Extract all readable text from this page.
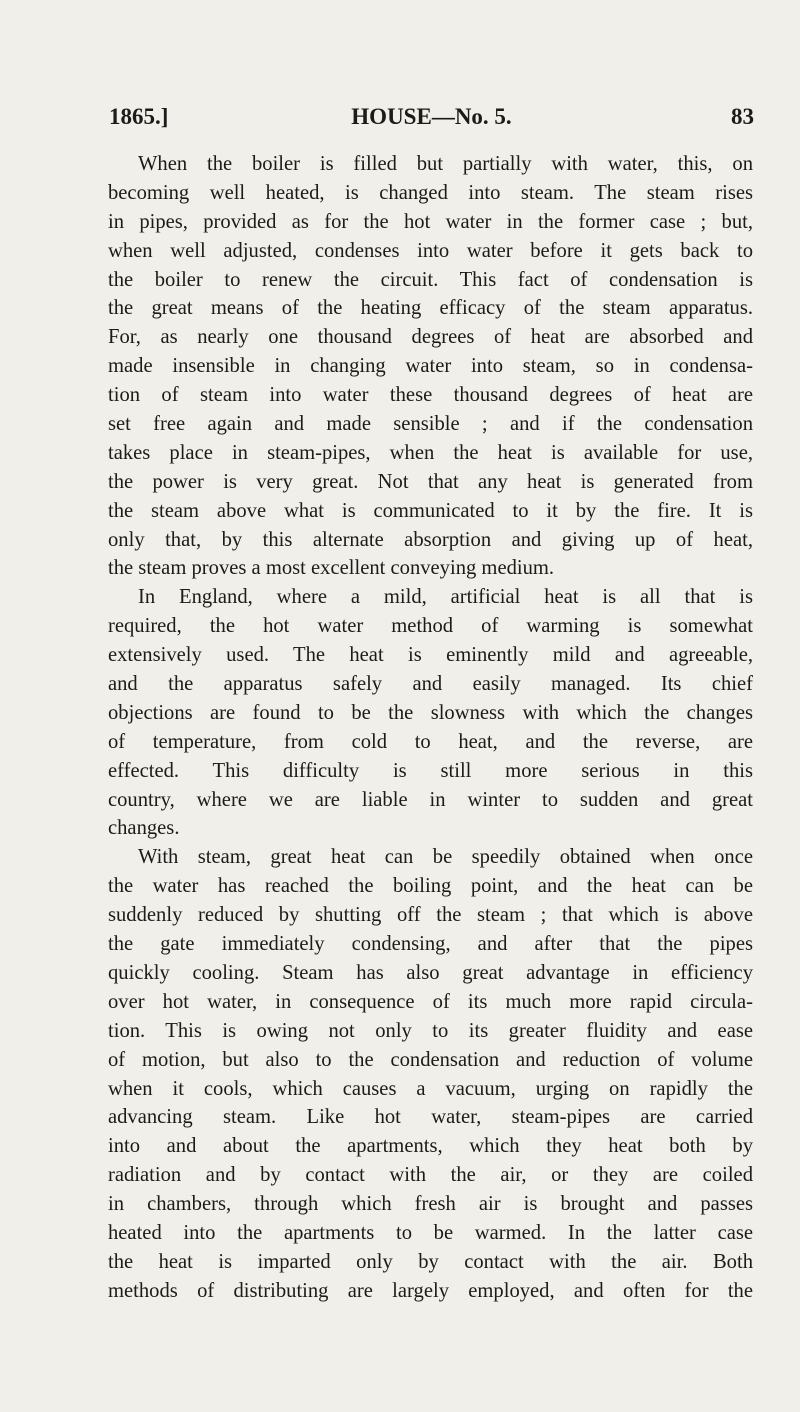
1865.]	HOUSE—No. 5.	83
When the boiler is filled but partially with water, this, on
becoming well heated, is changed into steam. The steam rises
in pipes, provided as for the hot water in the former case ; but,
when well adjusted, condenses into water before it gets back to
the boiler to renew the circuit. This fact of condensation is
the great means of the heating efficacy of the steam apparatus.
For, as nearly one thousand degrees of heat are absorbed and
made insensible in changing water into steam, so in condensa-
tion of steam into water these thousand degrees of heat are
set free again and made sensible ; and if the condensation
takes place in steam-pipes, when the heat is available for use,
the power is very great. Not that any heat is generated from
the steam above what is communicated to it by the fire. It is
only that, by this alternate absorption and giving up of heat,
the steam proves a most excellent conveying medium.
In England, where a mild, artificial heat is all that is
required, the hot water method of warming is somewhat
extensively used. The heat is eminently mild and agreeable,
and the apparatus safely and easily managed. Its chief
objections are found to be the slowness with which the changes
of temperature, from cold to heat, and the reverse, are
effected. This difficulty is still more serious in this
country, where we are liable in winter to sudden and great
changes.
With steam, great heat can be speedily obtained when once
the water has reached the boiling point, and the heat can be
suddenly reduced by shutting off the steam ; that which is above
the gate immediately condensing, and after that the pipes
quickly cooling. Steam has also great advantage in efficiency
over hot water, in consequence of its much more rapid circula-
tion. This is owing not only to its greater fluidity and ease
of motion, but also to the condensation and reduction of volume
when it cools, which causes a vacuum, urging on rapidly the
advancing steam. Like hot water, steam-pipes are carried
into and about the apartments, which they heat both by
radiation and by contact with the air, or they are coiled
in chambers, through which fresh air is brought and passes
heated into the apartments to be warmed. In the latter case
the heat is imparted only by contact with the air. Both
methods of distributing are largely employed, and often for the
